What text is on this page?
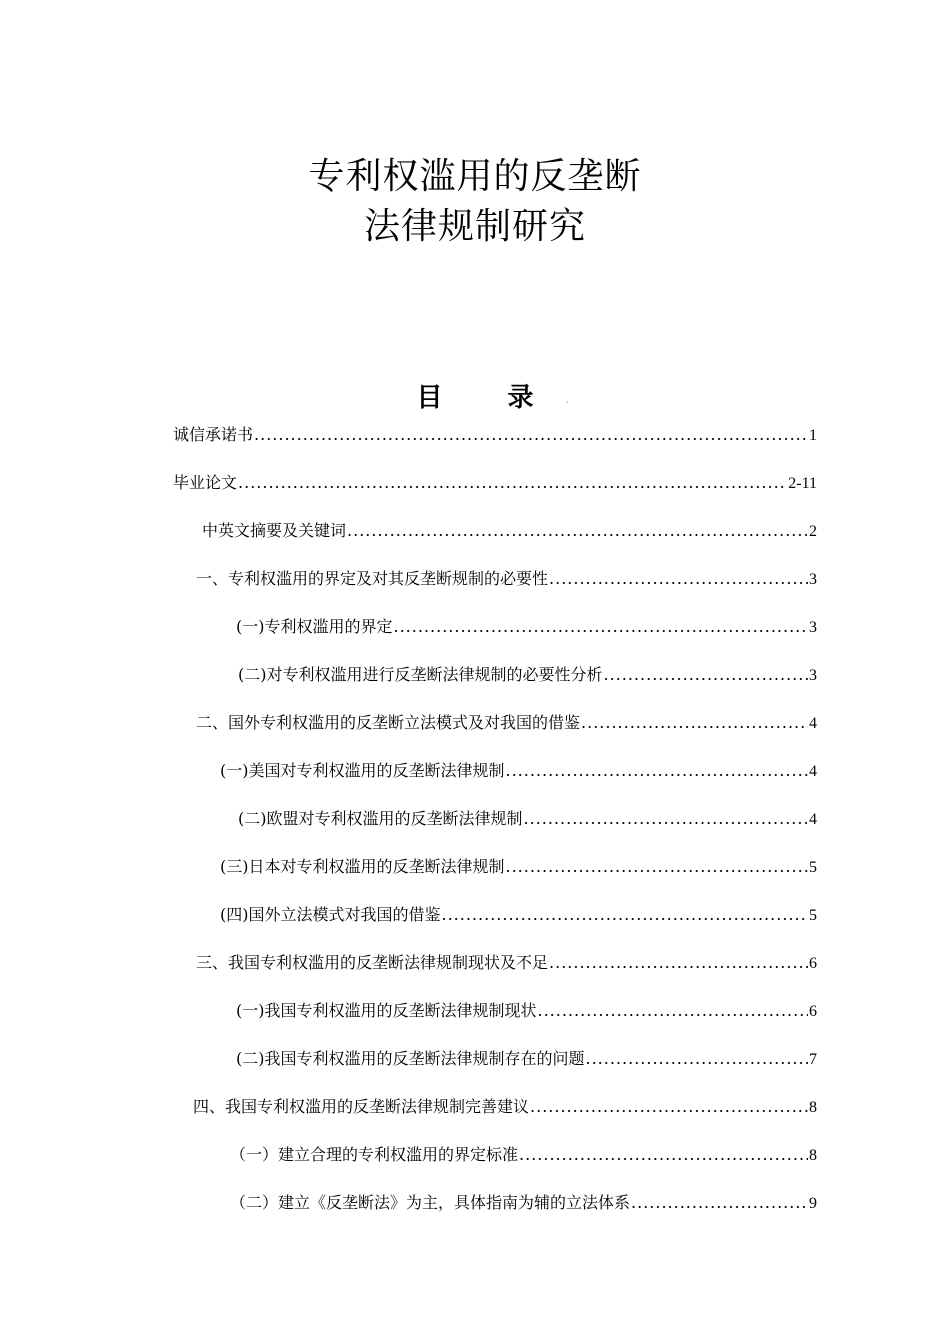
专利权滥用的反垄断
法律规制研究
目 录 ·
诚信承诺书 .....	1
毕业论文 .....	2-11
中英文摘要及关键词 .....	2
一、专利权滥用的界定及对其反垄断规制的必要性 .....	3
(一)专利权滥用的界定 .....	3
(二)对专利权滥用进行反垄断法律规制的必要性分析 .....	3
二、国外专利权滥用的反垄断立法模式及对我国的借鉴 .....	4
(一)美国对专利权滥用的反垄断法律规制 .....	4
(二)欧盟对专利权滥用的反垄断法律规制 .....	4
(三)日本对专利权滥用的反垄断法律规制 .....	5
(四)国外立法模式对我国的借鉴 .....	5
三、我国专利权滥用的反垄断法律规制现状及不足 .....	6
(一)我国专利权滥用的反垄断法律规制现状 .....	6
(二)我国专利权滥用的反垄断法律规制存在的问题 .....	7
四、我国专利权滥用的反垄断法律规制完善建议 .....	8
（一）建立合理的专利权滥用的界定标准 .....	8
（二）建立《反垄断法》为主，具体指南为辅的立法体系 .....	9
